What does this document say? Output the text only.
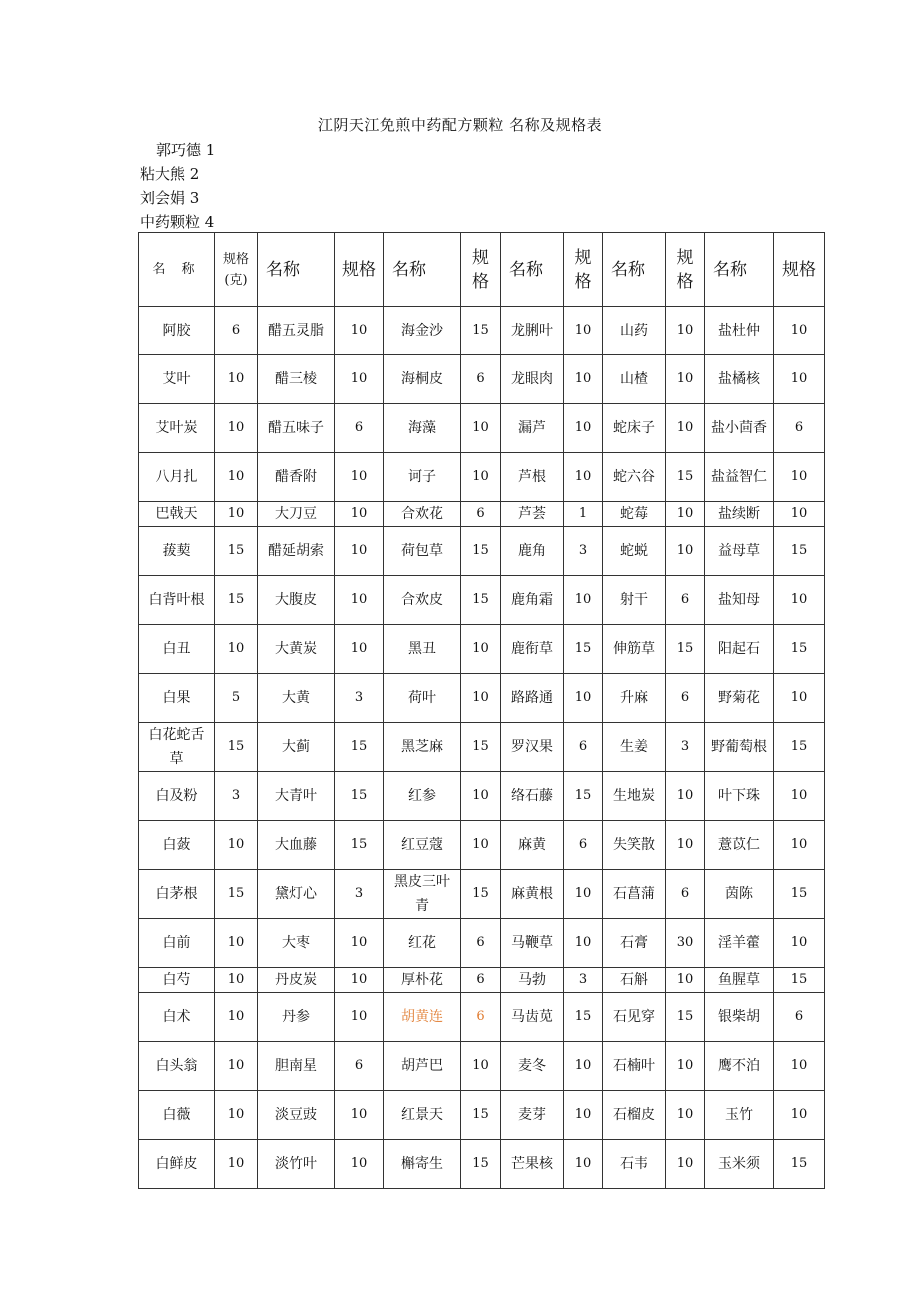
江阴天江免煎中药配方颗粒 名称及规格表
郭巧德 1
粘大熊 2
刘会娟 3
中药颗粒 4
名 称	规格(克)	名称	规格	名称	规格	名称	规格	名称	规格	名称	规格
阿胶	6	醋五灵脂	10	海金沙	15	龙脷叶	10	山药	10	盐杜仲	10
艾叶	10	醋三棱	10	海桐皮	6	龙眼肉	10	山楂	10	盐橘核	10
艾叶炭	10	醋五味子	6	海藻	10	漏芦	10	蛇床子	10	盐小茴香	6
八月扎	10	醋香附	10	诃子	10	芦根	10	蛇六谷	15	盐益智仁	10
巴戟天	10	大刀豆	10	合欢花	6	芦荟	1	蛇莓	10	盐续断	10
菝葜	15	醋延胡索	10	荷包草	15	鹿角	3	蛇蜕	10	益母草	15
白背叶根	15	大腹皮	10	合欢皮	15	鹿角霜	10	射干	6	盐知母	10
白丑	10	大黄炭	10	黑丑	10	鹿衔草	15	伸筋草	15	阳起石	15
白果	5	大黄	3	荷叶	10	路路通	10	升麻	6	野菊花	10
白花蛇舌草	15	大蓟	15	黑芝麻	15	罗汉果	6	生姜	3	野葡萄根	15
白及粉	3	大青叶	15	红参	10	络石藤	15	生地炭	10	叶下珠	10
白蔹	10	大血藤	15	红豆蔻	10	麻黄	6	失笑散	10	薏苡仁	10
白茅根	15	黛灯心	3	黑皮三叶青	15	麻黄根	10	石菖蒲	6	茵陈	15
白前	10	大枣	10	红花	6	马鞭草	10	石膏	30	淫羊藿	10
白芍	10	丹皮炭	10	厚朴花	6	马勃	3	石斛	10	鱼腥草	15
白术	10	丹参	10	胡黄连	6	马齿苋	15	石见穿	15	银柴胡	6
白头翁	10	胆南星	6	胡芦巴	10	麦冬	10	石楠叶	10	鹰不泊	10
白薇	10	淡豆豉	10	红景天	15	麦芽	10	石榴皮	10	玉竹	10
白鲜皮	10	淡竹叶	10	槲寄生	15	芒果核	10	石韦	10	玉米须	15
